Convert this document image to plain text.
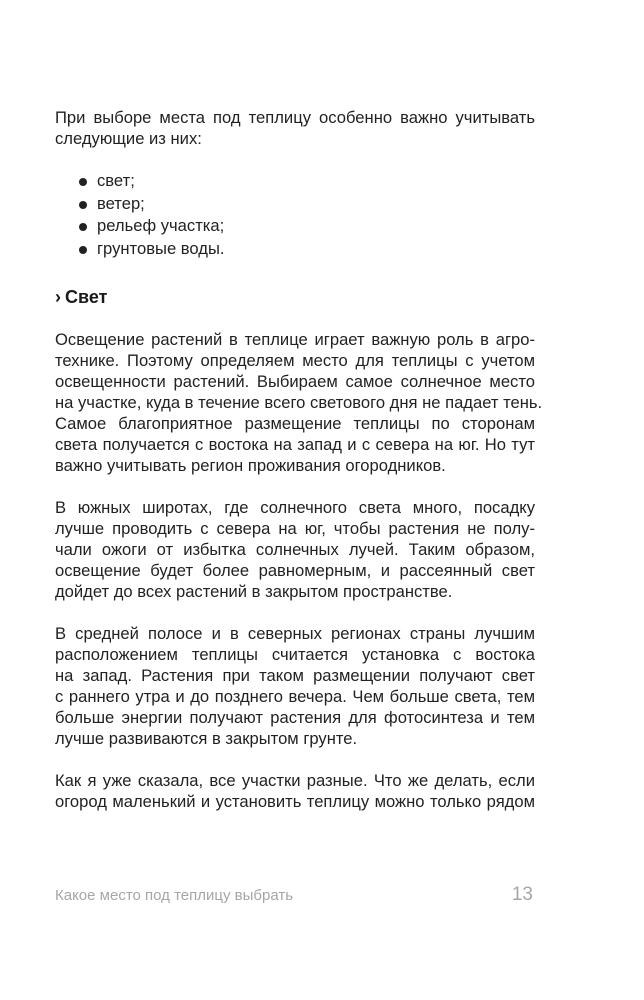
При выборе места под теплицу особенно важно учитывать
следующие из них:

свет;
ветер;
рельеф участка;
грунтовые воды.
› Свет

Освещение растений в теплице играет важную роль в агро-
технике. Поэтому определяем место для теплицы с учетом
освещенности растений. Выбираем самое солнечное место
на участке, куда в течение всего светового дня не падает тень.
Самое благоприятное размещение теплицы по сторонам
света получается с востока на запад и с севера на юг. Но тут
важно учитывать регион проживания огородников.

В южных широтах, где солнечного света много, посадку
лучше проводить с севера на юг, чтобы растения не полу-
чали ожоги от избытка солнечных лучей. Таким образом,
освещение будет более равномерным, и рассеянный свет
дойдет до всех растений в закрытом пространстве.

В средней полосе и в северных регионах страны лучшим
расположением теплицы считается установка с востока
на запад. Растения при таком размещении получают свет
с раннего утра и до позднего вечера. Чем больше света, тем
больше энергии получают растения для фотосинтеза и тем
лучше развиваются в закрытом грунте.

Как я уже сказала, все участки разные. Что же делать, если
огород маленький и установить теплицу можно только рядом

Какое место под теплицу выбрать	13
